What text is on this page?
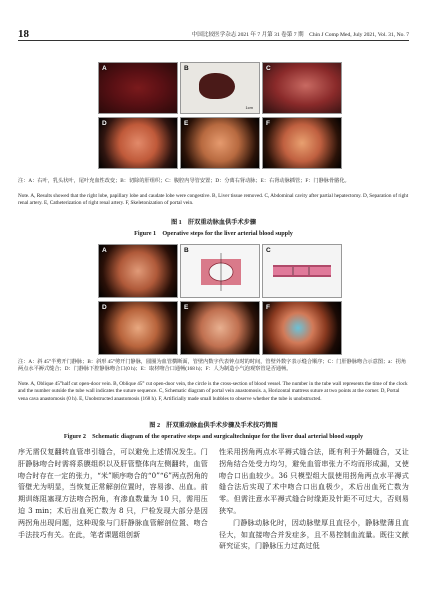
18	中国比较医学杂志 2021 年 7 月第 31 卷第 7 期　Chin J Comp Med, July 2021, Vol. 31, No. 7
A	B
1cm
C
D	E	F
注：A：右叶，乳头状叶，尾叶充血性改变；B：切除的肝组织；C：腹腔内导管安置；D：分离右肾动脉；E：右肾动脉插管；F：门静脉骨骼化。
Note. A, Results showed that the right lobe, papillary lobe and caudate lobe were congestive. B, Liver tissue removed. C, Abdominal cavity after partial hepatectomy. D, Separation of right renal artery. E, Catheterization of right renal artery. F, Skeletonization of portal vein.
图 1　肝双重动脉血供手术步骤
Figure 1　Operative steps for the liver arterial blood supply
A	B	C
D	E	F
注：A：斜 45°半剪开门静脉；B：斜形 45°剪开门静脉，圆圈为血管横断面，管壁内数字代表钟点时的时间，管壁外数字表示缝合顺序；C：门肝静脉吻合示意图；a：拐角两点水平褥式缝合；D：门静脉下腔静脉吻合口(0 h)；E：取材吻合口通畅(168 h)；F：人为制造小气泡观察管是否通畅。
Note. A, Oblique 45°half cut open-door vein. B, Oblique 45° cut open-door vein, the circle is the cross-section of blood vessel. The number in the tube wall represents the time of the clock and the number outside the tube wall indicates the suture sequence. C, Schematic diagram of portal vein anastomosis. a, Horizontal mattress suture at two points at the corner. D, Portal vena cava anastomosis (0 h). E, Unobstructed anastomosis (168 h). F, Artificially made small bubbles to observe whether the tube is unobstructed.
图 2　肝双重动脉血供手术步骤及手术技巧简图
Figure 2　Schematic diagram of the operative steps and surgicaltechnique for the liver dual arterial blood supply

序无需仅复翻转血管串引缝合，可以避免上述情况发生。门肝静脉吻合时需将系膜组织以及肝管整体向左侧翻转，血管吻合时存在一定的张力，“米”顺序吻合的“0”“6”两点拐角的管壁尤为明显，当恢复正常解剖位置时，容易渗、出血。前期训练阻塞现方法吻合拐角，有渗血数量为 10 只，需用压迫 3 min；术后出血死亡数为 8 只，尸检发现大部分是因两拐角出现问题，这种现象与门肝静脉血管解剖位置、吻合手法技巧有关。在此，笔者课题组创新

性采用拐角两点水平褥式缝合法，既有利于外翻缝合，又让拐角结合处受力均匀，避免血管串张力不均而形成漏，又使吻合口出血较少。36 只模型组大鼠使用拐角两点水平褥式缝合法后实现了术中吻合口出血极少，术后出血死亡数为零。但需注意水平褥式缝合时缘距及针距不可过大，否则易狭窄。

门静脉动脉化时，因动脉壁厚且直径小，静脉壁薄且直径大，如直接吻合并发症多，且不易控制血流量。既往文献研究证实，门静脉压力过高过低
